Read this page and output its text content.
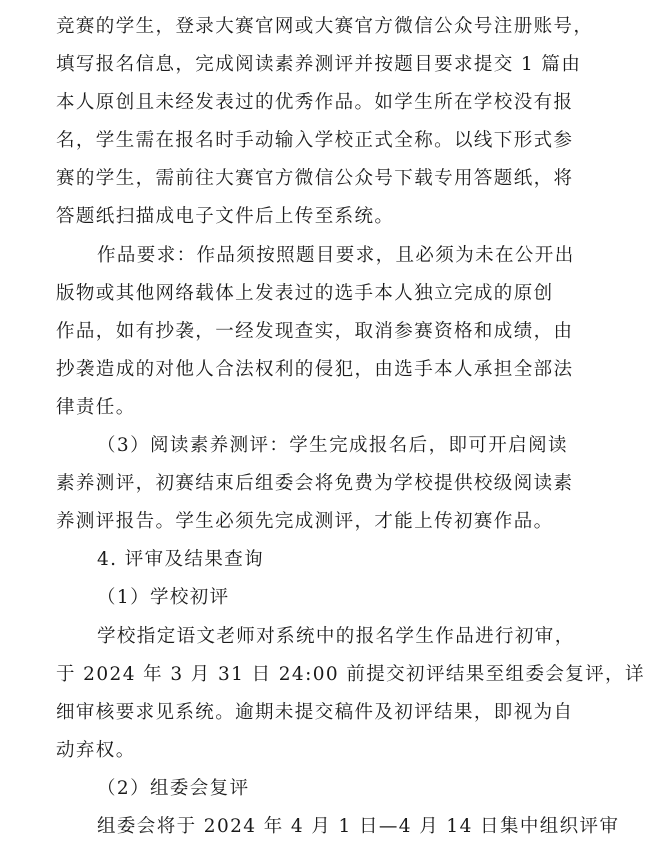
竞赛的学生，登录大赛官网或大赛官方微信公众号注册账号，
填写报名信息，完成阅读素养测评并按题目要求提交 1 篇由
本人原创且未经发表过的优秀作品。如学生所在学校没有报
名，学生需在报名时手动输入学校正式全称。以线下形式参
赛的学生，需前往大赛官方微信公众号下载专用答题纸，将
答题纸扫描成电子文件后上传至系统。
作品要求：作品须按照题目要求，且必须为未在公开出
版物或其他网络载体上发表过的选手本人独立完成的原创
作品，如有抄袭，一经发现查实，取消参赛资格和成绩，由
抄袭造成的对他人合法权利的侵犯，由选手本人承担全部法
律责任。
（3）阅读素养测评：学生完成报名后，即可开启阅读
素养测评，初赛结束后组委会将免费为学校提供校级阅读素
养测评报告。学生必须先完成测评，才能上传初赛作品。
4. 评审及结果查询
（1）学校初评
学校指定语文老师对系统中的报名学生作品进行初审，
于 2024 年 3 月 31 日 24:00 前提交初评结果至组委会复评，详
细审核要求见系统。逾期未提交稿件及初评结果，即视为自
动弃权。
（2）组委会复评
组委会将于 2024 年 4 月 1 日—4 月 14 日集中组织评审
